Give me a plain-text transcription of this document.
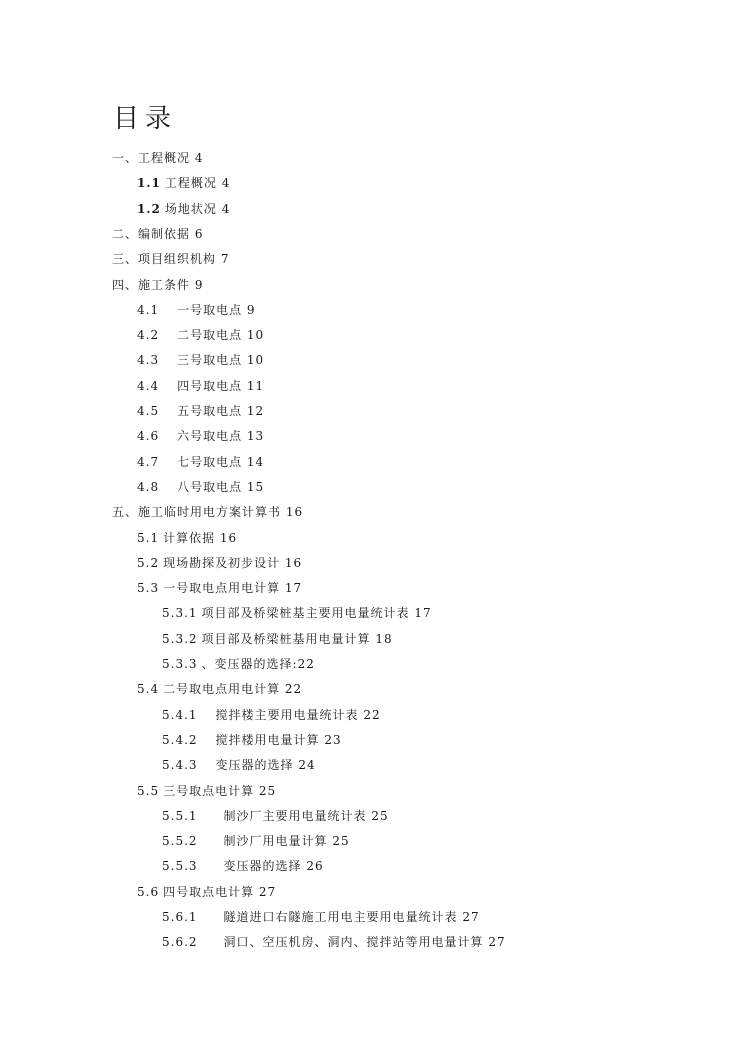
目录
一、工程概况 4
1.1 工程概况 4
1.2 场地状况 4
二、编制依据 6
三、项目组织机构 7
四、施工条件 9
4.1 一号取电点 9
4.2 二号取电点 10
4.3 三号取电点 10
4.4 四号取电点 11
4.5 五号取电点 12
4.6 六号取电点 13
4.7 七号取电点 14
4.8 八号取电点 15
五、施工临时用电方案计算书 16
5.1 计算依据 16
5.2 现场勘探及初步设计 16
5.3 一号取电点用电计算 17
5.3.1 项目部及桥梁桩基主要用电量统计表 17
5.3.2 项目部及桥梁桩基用电量计算 18
5.3.3 、变压器的选择:22
5.4 二号取电点用电计算 22
5.4.1 搅拌楼主要用电量统计表 22
5.4.2 搅拌楼用电量计算 23
5.4.3 变压器的选择 24
5.5 三号取点电计算 25
5.5.1 制沙厂主要用电量统计表 25
5.5.2 制沙厂用电量计算 25
5.5.3 变压器的选择 26
5.6 四号取点电计算 27
5.6.1 隧道进口右隧施工用电主要用电量统计表 27
5.6.2 洞口、空压机房、洞内、搅拌站等用电量计算 27
